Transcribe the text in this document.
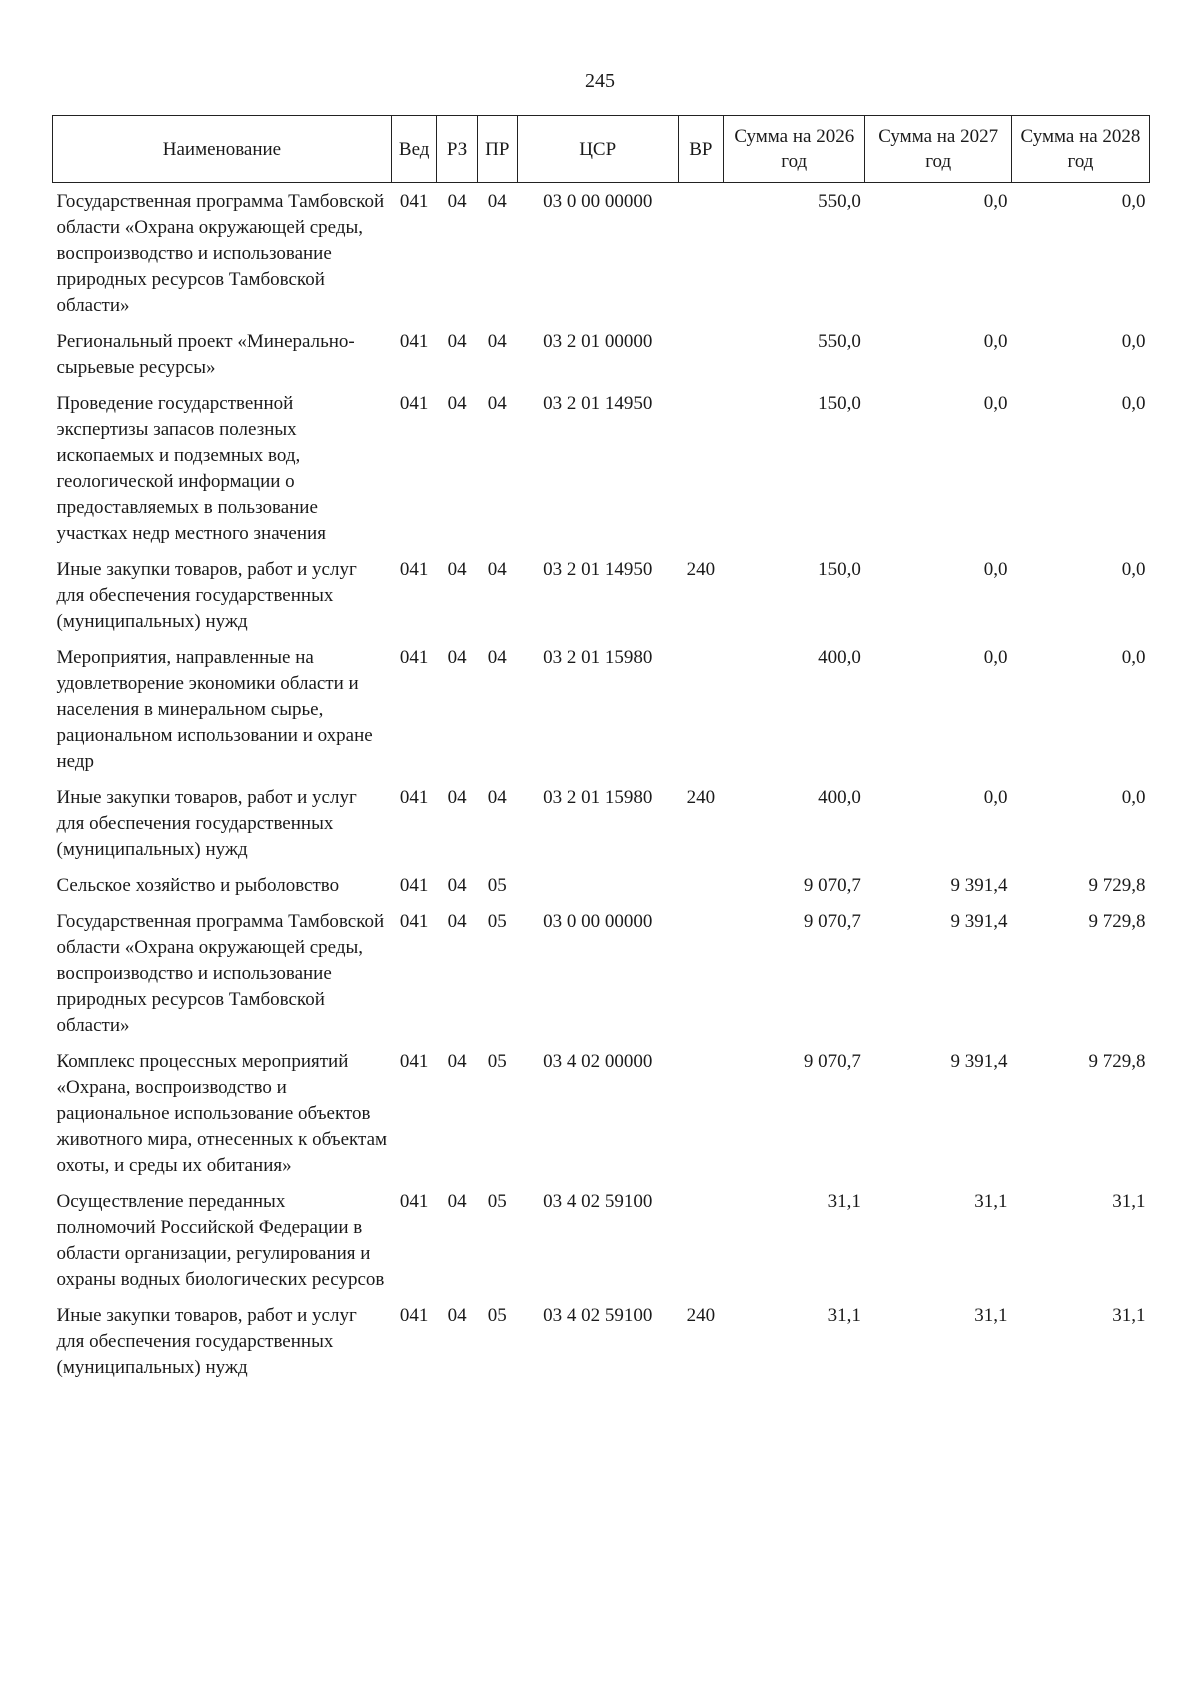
245
Наименование	Вед	РЗ	ПР	ЦСР	ВР	Сумма на 2026 год	Сумма на 2027 год	Сумма на 2028 год
Государственная программа Тамбовской области «Охрана окружающей среды, воспроизводство и использование природных ресурсов Тамбовской области»	041	04	04	03 0 00 00000		550,0	0,0	0,0
Региональный проект «Минерально-сырьевые ресурсы»	041	04	04	03 2 01 00000		550,0	0,0	0,0
Проведение государственной экспертизы запасов полезных ископаемых и подземных вод, геологической информации о предоставляемых в пользование участках недр местного значения	041	04	04	03 2 01 14950		150,0	0,0	0,0
Иные закупки товаров, работ и услуг для обеспечения государственных (муниципальных) нужд	041	04	04	03 2 01 14950	240	150,0	0,0	0,0
Мероприятия, направленные на удовлетворение экономики области и населения в минеральном сырье, рациональном использовании и охране недр	041	04	04	03 2 01 15980		400,0	0,0	0,0
Иные закупки товаров, работ и услуг для обеспечения государственных (муниципальных) нужд	041	04	04	03 2 01 15980	240	400,0	0,0	0,0
Сельское хозяйство и рыболовство	041	04	05			9 070,7	9 391,4	9 729,8
Государственная программа Тамбовской области «Охрана окружающей среды, воспроизводство и использование природных ресурсов Тамбовской области»	041	04	05	03 0 00 00000		9 070,7	9 391,4	9 729,8
Комплекс процессных мероприятий «Охрана, воспроизводство и рациональное использование объектов животного мира, отнесенных к объектам охоты, и среды их обитания»	041	04	05	03 4 02 00000		9 070,7	9 391,4	9 729,8
Осуществление переданных полномочий Российской Федерации в области организации, регулирования и охраны водных биологических ресурсов	041	04	05	03 4 02 59100		31,1	31,1	31,1
Иные закупки товаров, работ и услуг для обеспечения государственных (муниципальных) нужд	041	04	05	03 4 02 59100	240	31,1	31,1	31,1
